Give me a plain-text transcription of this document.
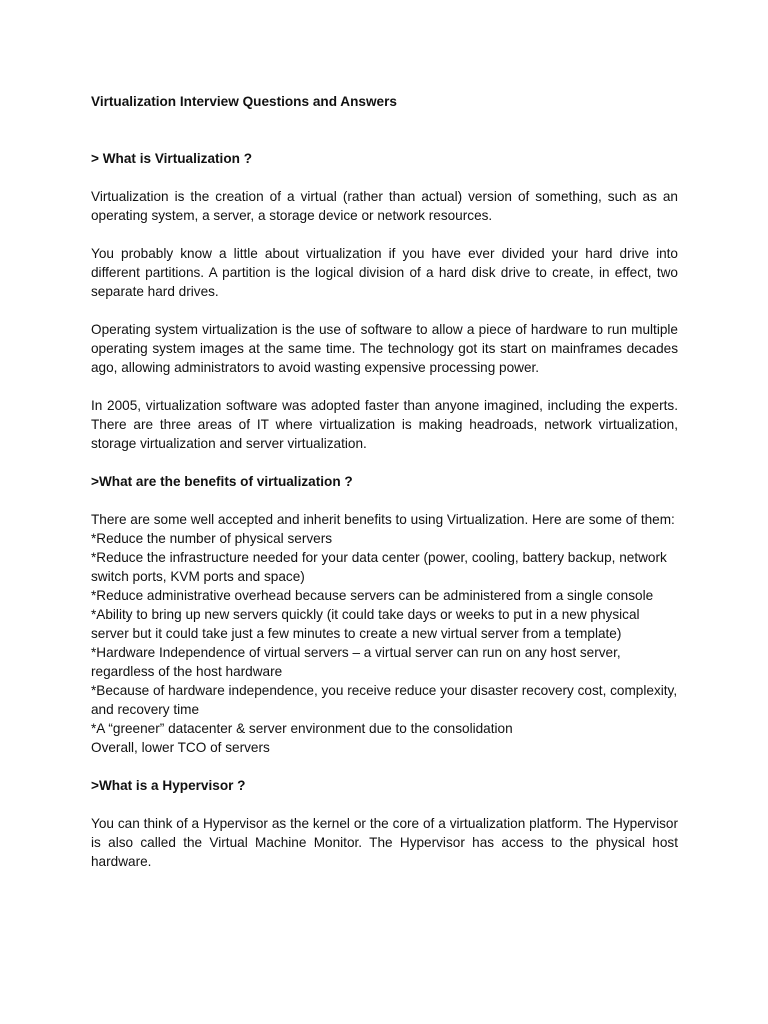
Virtualization Interview Questions and Answers
> What is Virtualization ?

Virtualization is the creation of a virtual (rather than actual) version of something, such as an operating system, a server, a storage device or network resources.

You probably know a little about virtualization if you have ever divided your hard drive into different partitions. A partition is the logical division of a hard disk drive to create, in effect, two separate hard drives.

Operating system virtualization is the use of software to allow a piece of hardware to run multiple operating system images at the same time. The technology got its start on mainframes decades ago, allowing administrators to avoid wasting expensive processing power.

In 2005, virtualization software was adopted faster than anyone imagined, including the experts. There are three areas of IT where virtualization is making headroads, network virtualization, storage virtualization and server virtualization.

>What are the benefits of virtualization ?

There are some well accepted and inherit benefits to using Virtualization. Here are some of them:

*Reduce the number of physical servers

*Reduce the infrastructure needed for your data center (power, cooling, battery backup, network switch ports, KVM ports and space)

*Reduce administrative overhead because servers can be administered from a single console

*Ability to bring up new servers quickly (it could take days or weeks to put in a new physical server but it could take just a few minutes to create a new virtual server from a template)

*Hardware Independence of virtual servers – a virtual server can run on any host server, regardless of the host hardware

*Because of hardware independence, you receive reduce your disaster recovery cost, complexity, and recovery time

*A “greener” datacenter & server environment due to the consolidation

Overall, lower TCO of servers

>What is a Hypervisor ?

You can think of a Hypervisor as the kernel or the core of a virtualization platform. The Hypervisor is also called the Virtual Machine Monitor. The Hypervisor has access to the physical host hardware.
